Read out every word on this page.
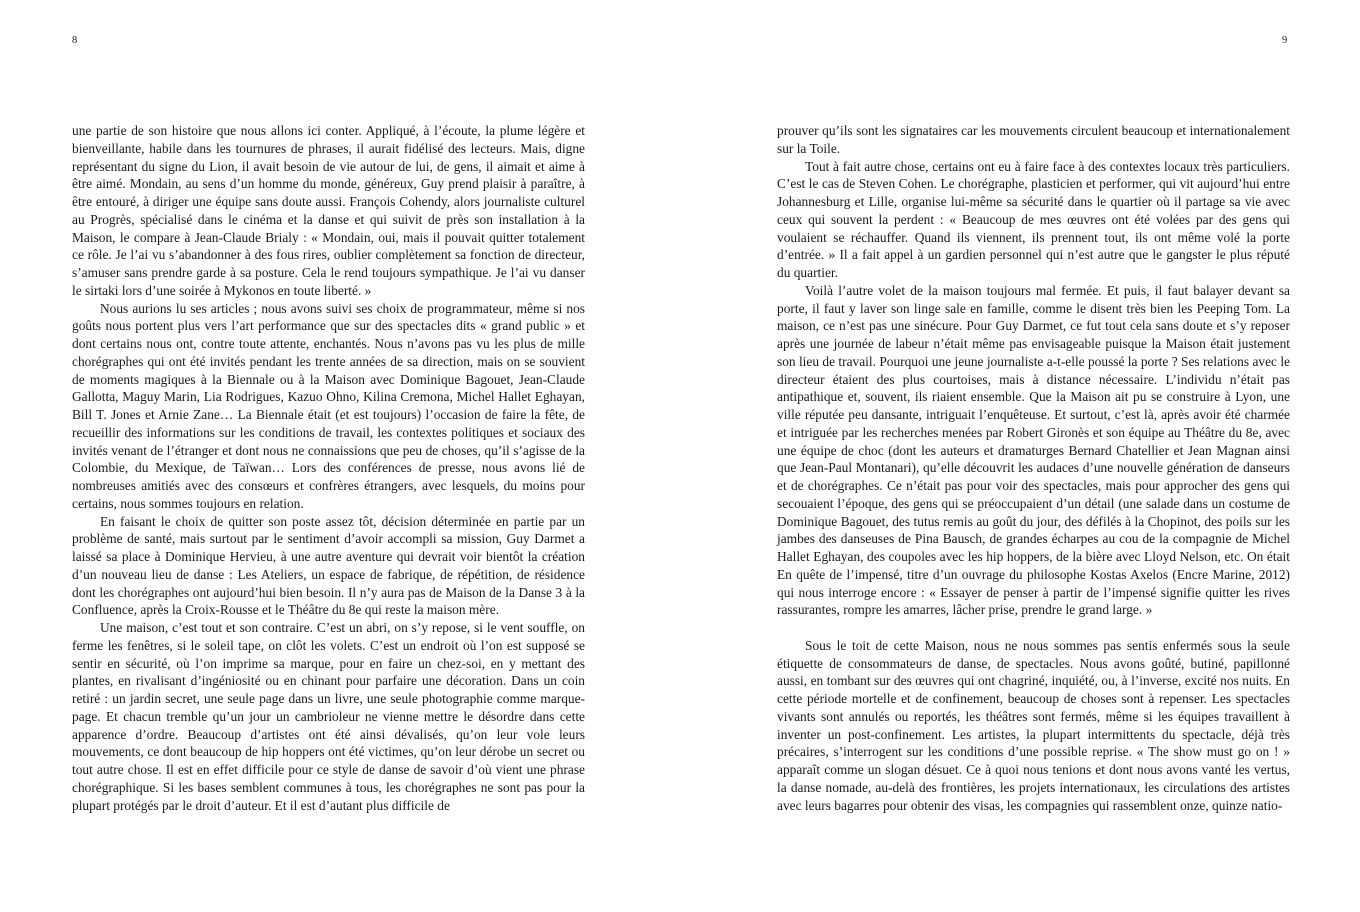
8

une partie de son histoire que nous allons ici conter. Appliqué, à l’écoute, la plume légère et bienveillante, habile dans les tournures de phrases, il aurait fidélisé des lecteurs. Mais, digne représentant du signe du Lion, il avait besoin de vie autour de lui, de gens, il aimait et aime à être aimé. Mondain, au sens d’un homme du monde, généreux, Guy prend plaisir à paraître, à être entouré, à diriger une équipe sans doute aussi. François Cohendy, alors journaliste culturel au Progrès, spécialisé dans le cinéma et la danse et qui suivit de près son installation à la Maison, le compare à Jean-Claude Brialy : « Mondain, oui, mais il pouvait quitter totalement ce rôle. Je l’ai vu s’abandonner à des fous rires, oublier complètement sa fonction de directeur, s’amuser sans prendre garde à sa posture. Cela le rend toujours sympathique. Je l’ai vu danser le sirtaki lors d’une soirée à Mykonos en toute liberté. »

Nous aurions lu ses articles ; nous avons suivi ses choix de programmateur, même si nos goûts nous portent plus vers l’art performance que sur des spectacles dits « grand public » et dont certains nous ont, contre toute attente, enchantés. Nous n’avons pas vu les plus de mille chorégraphes qui ont été invités pendant les trente années de sa direction, mais on se souvient de moments magiques à la Biennale ou à la Maison avec Dominique Bagouet, Jean-Claude Gallotta, Maguy Marin, Lia Rodrigues, Kazuo Ohno, Kilina Cremona, Michel Hallet Eghayan, Bill T. Jones et Arnie Zane… La Biennale était (et est toujours) l’occasion de faire la fête, de recueillir des informations sur les conditions de travail, les contextes politiques et sociaux des invités venant de l’étranger et dont nous ne connaissions que peu de choses, qu’il s’agisse de la Colombie, du Mexique, de Taïwan… Lors des conférences de presse, nous avons lié de nombreuses amitiés avec des consœurs et confrères étrangers, avec lesquels, du moins pour certains, nous sommes toujours en relation.

En faisant le choix de quitter son poste assez tôt, décision déterminée en partie par un problème de santé, mais surtout par le sentiment d’avoir accompli sa mission, Guy Darmet a laissé sa place à Dominique Hervieu, à une autre aventure qui devrait voir bientôt la création d’un nouveau lieu de danse : Les Ateliers, un espace de fabrique, de répétition, de résidence dont les chorégraphes ont aujourd’hui bien besoin. Il n’y aura pas de Maison de la Danse 3 à la Confluence, après la Croix-Rousse et le Théâtre du 8e qui reste la maison mère.

Une maison, c’est tout et son contraire. C’est un abri, on s’y repose, si le vent souffle, on ferme les fenêtres, si le soleil tape, on clôt les volets. C’est un endroit où l’on est supposé se sentir en sécurité, où l’on imprime sa marque, pour en faire un chez-soi, en y mettant des plantes, en rivalisant d’ingéniosité ou en chinant pour parfaire une décoration. Dans un coin retiré : un jardin secret, une seule page dans un livre, une seule photographie comme marque-page. Et chacun tremble qu’un jour un cambrioleur ne vienne mettre le désordre dans cette apparence d’ordre. Beaucoup d’artistes ont été ainsi dévalisés, qu’on leur vole leurs mouvements, ce dont beaucoup de hip hoppers ont été victimes, qu’on leur dérobe un secret ou tout autre chose. Il est en effet difficile pour ce style de danse de savoir d’où vient une phrase chorégraphique. Si les bases semblent communes à tous, les chorégraphes ne sont pas pour la plupart protégés par le droit d’auteur. Et il est d’autant plus difficile de

9

prouver qu’ils sont les signataires car les mouvements circulent beaucoup et internationalement sur la Toile.

Tout à fait autre chose, certains ont eu à faire face à des contextes locaux très particuliers. C’est le cas de Steven Cohen. Le chorégraphe, plasticien et performer, qui vit aujourd’hui entre Johannesburg et Lille, organise lui-même sa sécurité dans le quartier où il partage sa vie avec ceux qui souvent la perdent : « Beaucoup de mes œuvres ont été volées par des gens qui voulaient se réchauffer. Quand ils viennent, ils prennent tout, ils ont même volé la porte d’entrée. » Il a fait appel à un gardien personnel qui n’est autre que le gangster le plus réputé du quartier.

Voilà l’autre volet de la maison toujours mal fermée. Et puis, il faut balayer devant sa porte, il faut y laver son linge sale en famille, comme le disent très bien les Peeping Tom. La maison, ce n’est pas une sinécure. Pour Guy Darmet, ce fut tout cela sans doute et s’y reposer après une journée de labeur n’était même pas envisageable puisque la Maison était justement son lieu de travail. Pourquoi une jeune journaliste a-t-elle poussé la porte ? Ses relations avec le directeur étaient des plus courtoises, mais à distance nécessaire. L’individu n’était pas antipathique et, souvent, ils riaient ensemble. Que la Maison ait pu se construire à Lyon, une ville réputée peu dansante, intriguait l’enquêteuse. Et surtout, c’est là, après avoir été charmée et intriguée par les recherches menées par Robert Gironès et son équipe au Théâtre du 8e, avec une équipe de choc (dont les auteurs et dramaturges Bernard Chatellier et Jean Magnan ainsi que Jean-Paul Montanari), qu’elle découvrit les audaces d’une nouvelle génération de danseurs et de chorégraphes. Ce n’était pas pour voir des spectacles, mais pour approcher des gens qui secouaient l’époque, des gens qui se préoccupaient d’un détail (une salade dans un costume de Dominique Bagouet, des tutus remis au goût du jour, des défilés à la Chopinot, des poils sur les jambes des danseuses de Pina Bausch, de grandes écharpes au cou de la compagnie de Michel Hallet Eghayan, des coupoles avec les hip hoppers, de la bière avec Lloyd Nelson, etc. On était En quête de l’impensé, titre d’un ouvrage du philosophe Kostas Axelos (Encre Marine, 2012) qui nous interroge encore : « Essayer de penser à partir de l’impensé signifie quitter les rives rassurantes, rompre les amarres, lâcher prise, prendre le grand large. »

Sous le toit de cette Maison, nous ne nous sommes pas sentis enfermés sous la seule étiquette de consommateurs de danse, de spectacles. Nous avons goûté, butiné, papillonné aussi, en tombant sur des œuvres qui ont chagriné, inquiété, ou, à l’inverse, excité nos nuits. En cette période mortelle et de confinement, beaucoup de choses sont à repenser. Les spectacles vivants sont annulés ou reportés, les théâtres sont fermés, même si les équipes travaillent à inventer un post-confinement. Les artistes, la plupart intermittents du spectacle, déjà très précaires, s’interrogent sur les conditions d’une possible reprise. « The show must go on ! » apparaît comme un slogan désuet. Ce à quoi nous tenions et dont nous avons vanté les vertus, la danse nomade, au-delà des frontières, les projets internationaux, les circulations des artistes avec leurs bagarres pour obtenir des visas, les compagnies qui rassemblent onze, quinze natio-
